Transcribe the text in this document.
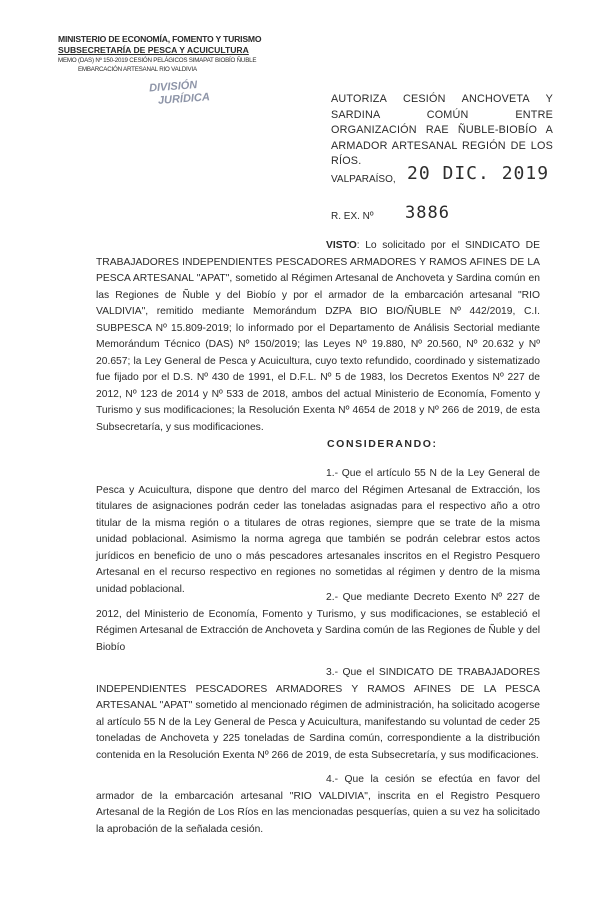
MINISTERIO DE ECONOMÍA, FOMENTO Y TURISMO
SUBSECRETARÍA DE PESCA Y ACUICULTURA
MEMO (DAS) Nº 150-2019 CESIÓN PELÁGICOS SIMAPAT BIOBÍO ÑUBLE
EMBARCACIÓN ARTESANAL RIO VALDIVIA
DIVISIÓN
JURÍDICA	AUTORIZA CESIÓN ANCHOVETA Y SARDINA COMÚN ENTRE ORGANIZACIÓN RAE ÑUBLE-BIOBÍO A ARMADOR ARTESANAL REGIÓN DE LOS RÍOS.
VALPARAÍSO, 20 DIC. 2019
R. EX. Nº 3886
VISTO: Lo solicitado por el SINDICATO DE TRABAJADORES INDEPENDIENTES PESCADORES ARMADORES Y RAMOS AFINES DE LA PESCA ARTESANAL "APAT", sometido al Régimen Artesanal de Anchoveta y Sardina común en las Regiones de Ñuble y del Biobío y por el armador de la embarcación artesanal "RIO VALDIVIA", remitido mediante Memorándum DZPA BIO BIO/ÑUBLE Nº 442/2019, C.I. SUBPESCA Nº 15.809-2019; lo informado por el Departamento de Análisis Sectorial mediante Memorándum Técnico (DAS) Nº 150/2019; las Leyes Nº 19.880, Nº 20.560, Nº 20.632 y Nº 20.657; la Ley General de Pesca y Acuicultura, cuyo texto refundido, coordinado y sistematizado fue fijado por el D.S. Nº 430 de 1991, el D.F.L. Nº 5 de 1983, los Decretos Exentos Nº 227 de 2012, Nº 123 de 2014 y Nº 533 de 2018, ambos del actual Ministerio de Economía, Fomento y Turismo y sus modificaciones; la Resolución Exenta Nº 4654 de 2018 y Nº 266 de 2019, de esta Subsecretaría, y sus modificaciones.
CONSIDERANDO:
1.- Que el artículo 55 N de la Ley General de Pesca y Acuicultura, dispone que dentro del marco del Régimen Artesanal de Extracción, los titulares de asignaciones podrán ceder las toneladas asignadas para el respectivo año a otro titular de la misma región o a titulares de otras regiones, siempre que se trate de la misma unidad poblacional. Asimismo la norma agrega que también se podrán celebrar estos actos jurídicos en beneficio de uno o más pescadores artesanales inscritos en el Registro Pesquero Artesanal en el recurso respectivo en regiones no sometidas al régimen y dentro de la misma unidad poblacional.
2.- Que mediante Decreto Exento Nº 227 de 2012, del Ministerio de Economía, Fomento y Turismo, y sus modificaciones, se estableció el Régimen Artesanal de Extracción de Anchoveta y Sardina común de las Regiones de Ñuble y del Biobío
3.- Que el SINDICATO DE TRABAJADORES INDEPENDIENTES PESCADORES ARMADORES Y RAMOS AFINES DE LA PESCA ARTESANAL "APAT" sometido al mencionado régimen de administración, ha solicitado acogerse al artículo 55 N de la Ley General de Pesca y Acuicultura, manifestando su voluntad de ceder 25 toneladas de Anchoveta y 225 toneladas de Sardina común, correspondiente a la distribución contenida en la Resolución Exenta Nº 266 de 2019, de esta Subsecretaría, y sus modificaciones.
4.- Que la cesión se efectúa en favor del armador de la embarcación artesanal "RIO VALDIVIA", inscrita en el Registro Pesquero Artesanal de la Región de Los Ríos en las mencionadas pesquerías, quien a su vez ha solicitado la aprobación de la señalada cesión.
